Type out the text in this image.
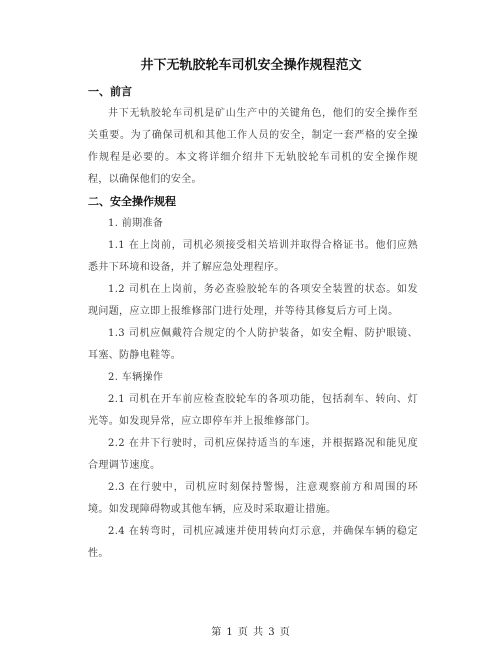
井下无轨胶轮车司机安全操作规程范文
一、前言

井下无轨胶轮车司机是矿山生产中的关键角色，他们的安全操作至关重要。为了确保司机和其他工作人员的安全，制定一套严格的安全操作规程是必要的。本文将详细介绍井下无轨胶轮车司机的安全操作规程，以确保他们的安全。

二、安全操作规程

1. 前期准备

1.1 在上岗前，司机必须接受相关培训并取得合格证书。他们应熟悉井下环境和设备，并了解应急处理程序。

1.2 司机在上岗前，务必查验胶轮车的各项安全装置的状态。如发现问题，应立即上报维修部门进行处理，并等待其修复后方可上岗。

1.3 司机应佩戴符合规定的个人防护装备，如安全帽、防护眼镜、耳塞、防静电鞋等。

2. 车辆操作

2.1 司机在开车前应检查胶轮车的各项功能，包括刹车、转向、灯光等。如发现异常，应立即停车并上报维修部门。

2.2 在井下行驶时，司机应保持适当的车速，并根据路况和能见度合理调节速度。

2.3 在行驶中，司机应时刻保持警惕，注意观察前方和周围的环境。如发现障碍物或其他车辆，应及时采取避让措施。

2.4 在转弯时，司机应减速并使用转向灯示意，并确保车辆的稳定性。

第 1 页 共 3 页
